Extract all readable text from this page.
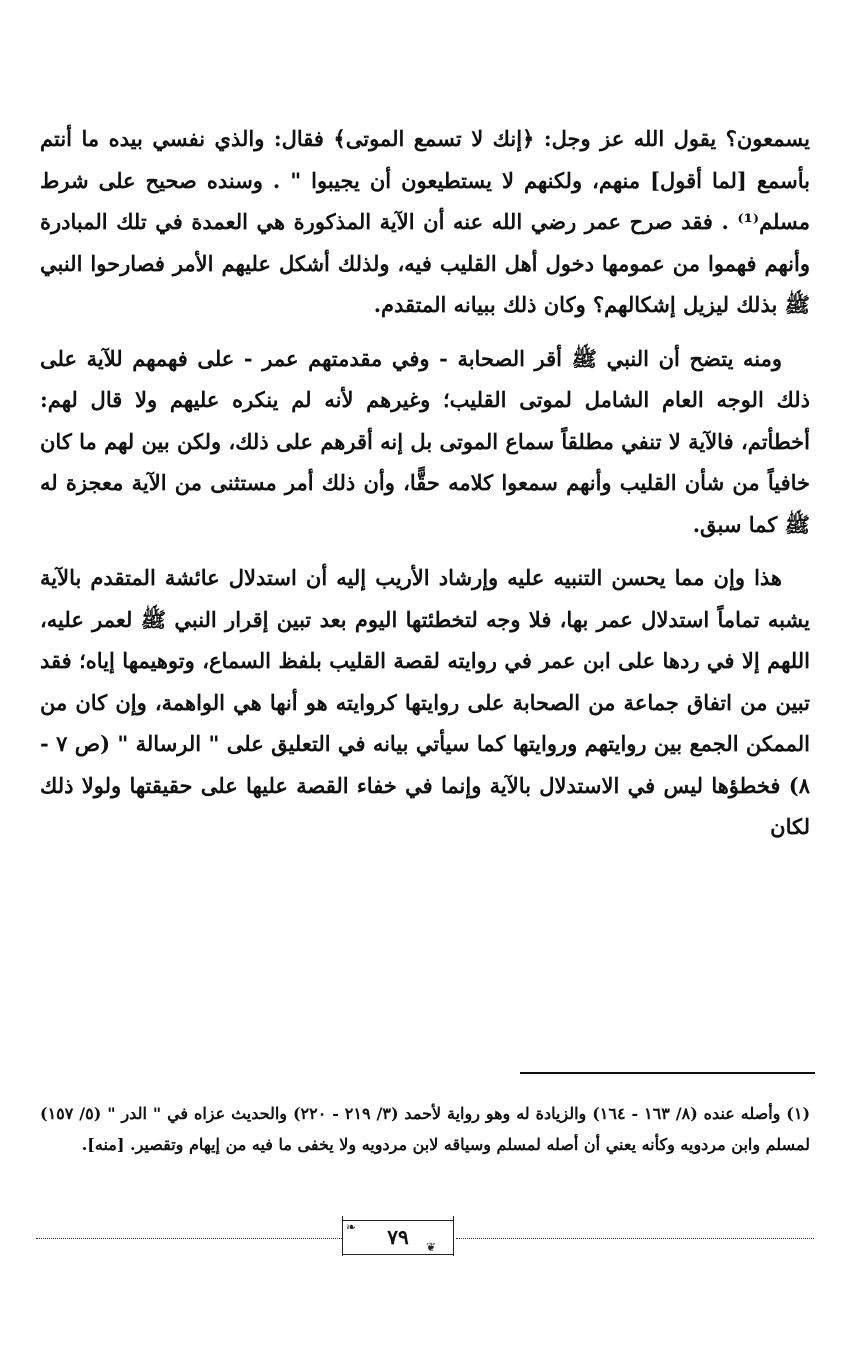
يسمعون؟ يقول الله عز وجل: ﴿إنك لا تسمع الموتى﴾ فقال: والذي نفسي بيده ما أنتم بأسمع [لما أقول] منهم، ولكنهم لا يستطيعون أن يجيبوا " . وسنده صحيح على شرط مسلم⁽¹⁾ . فقد صرح عمر رضي الله عنه أن الآية المذكورة هي العمدة في تلك المبادرة وأنهم فهموا من عمومها دخول أهل القليب فيه، ولذلك أشكل عليهم الأمر فصارحوا النبي ﷺ بذلك ليزيل إشكالهم؟ وكان ذلك ببيانه المتقدم.

ومنه يتضح أن النبي ﷺ أقر الصحابة - وفي مقدمتهم عمر - على فهمهم للآية على ذلك الوجه العام الشامل لموتى القليب؛ وغيرهم لأنه لم ينكره عليهم ولا قال لهم: أخطأتم، فالآية لا تنفي مطلقاً سماع الموتى بل إنه أقرهم على ذلك، ولكن بين لهم ما كان خافياً من شأن القليب وأنهم سمعوا كلامه حقًّا، وأن ذلك أمر مستثنى من الآية معجزة له ﷺ كما سبق.

هذا وإن مما يحسن التنبيه عليه وإرشاد الأريب إليه أن استدلال عائشة المتقدم بالآية يشبه تماماً استدلال عمر بها، فلا وجه لتخطئتها اليوم بعد تبين إقرار النبي ﷺ لعمر عليه، اللهم إلا في ردها على ابن عمر في روايته لقصة القليب بلفظ السماع، وتوهيمها إياه؛ فقد تبين من اتفاق جماعة من الصحابة على روايتها كروايته هو أنها هي الواهمة، وإن كان من الممكن الجمع بين روايتهم وروايتها كما سيأتي بيانه في التعليق على " الرسالة " (ص ٧ - ٨) فخطؤها ليس في الاستدلال بالآية وإنما في خفاء القصة عليها على حقيقتها ولولا ذلك لكان

(١) وأصله عنده (٨/ ١٦٣ - ١٦٤) والزيادة له وهو رواية لأحمد (٣/ ٢١٩ - ٢٢٠) والحديث عزاه في " الدر " (٥/ ١٥٧) لمسلم وابن مردويه وكأنه يعني أن أصله لمسلم وسياقه لابن مردويه ولا يخفى ما فيه من إيهام وتقصير. [منه].
❧
❦
٧٩
